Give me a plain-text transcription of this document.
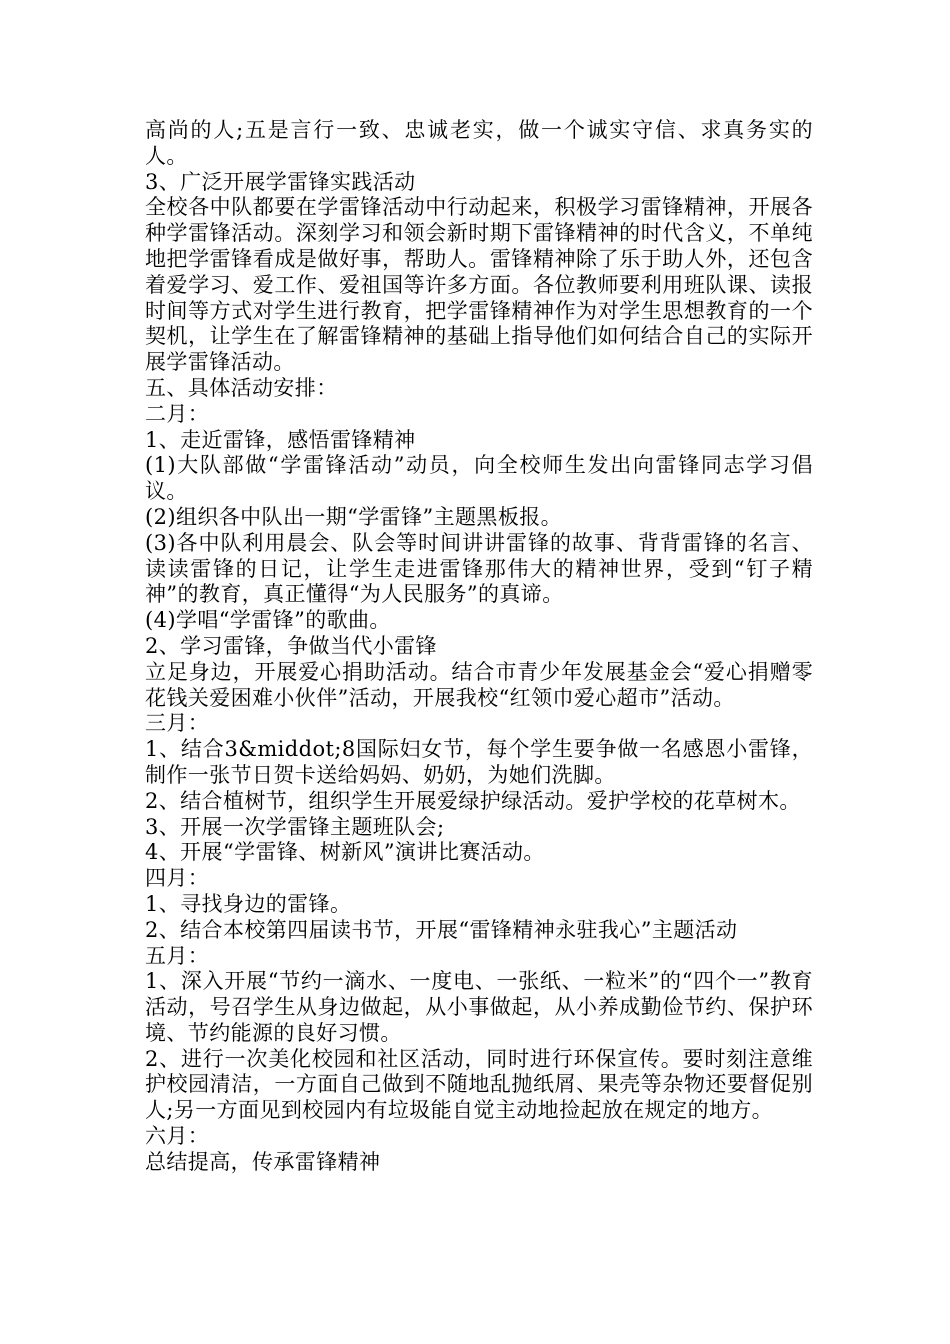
高尚的人;五是言行一致、忠诚老实，做一个诚实守信、求真务实的人。

3、广泛开展学雷锋实践活动

全校各中队都要在学雷锋活动中行动起来，积极学习雷锋精神，开展各种学雷锋活动。深刻学习和领会新时期下雷锋精神的时代含义，不单纯地把学雷锋看成是做好事，帮助人。雷锋精神除了乐于助人外，还包含着爱学习、爱工作、爱祖国等许多方面。各位教师要利用班队课、读报时间等方式对学生进行教育，把学雷锋精神作为对学生思想教育的一个契机，让学生在了解雷锋精神的基础上指导他们如何结合自己的实际开展学雷锋活动。

五、具体活动安排：

二月：

1、走近雷锋，感悟雷锋精神

(1)大队部做“学雷锋活动”动员，向全校师生发出向雷锋同志学习倡议。

(2)组织各中队出一期“学雷锋”主题黑板报。

(3)各中队利用晨会、队会等时间讲讲雷锋的故事、背背雷锋的名言、读读雷锋的日记，让学生走进雷锋那伟大的精神世界，受到“钉子精神”的教育，真正懂得“为人民服务”的真谛。

(4)学唱“学雷锋”的歌曲。

2、学习雷锋，争做当代小雷锋

立足身边，开展爱心捐助活动。结合市青少年发展基金会“爱心捐赠零花钱关爱困难小伙伴”活动，开展我校“红领巾爱心超市”活动。

三月：

1、结合3&middot;8国际妇女节，每个学生要争做一名感恩小雷锋，制作一张节日贺卡送给妈妈、奶奶，为她们洗脚。

2、结合植树节，组织学生开展爱绿护绿活动。爱护学校的花草树木。

3、开展一次学雷锋主题班队会;

4、开展“学雷锋、树新风”演讲比赛活动。

四月：

1、寻找身边的雷锋。

2、结合本校第四届读书节，开展“雷锋精神永驻我心”主题活动

五月：

1、深入开展“节约一滴水、一度电、一张纸、一粒米”的“四个一”教育活动，号召学生从身边做起，从小事做起，从小养成勤俭节约、保护环境、节约能源的良好习惯。

2、进行一次美化校园和社区活动，同时进行环保宣传。要时刻注意维护校园清洁，一方面自己做到不随地乱抛纸屑、果壳等杂物还要督促别人;另一方面见到校园内有垃圾能自觉主动地捡起放在规定的地方。

六月：

总结提高，传承雷锋精神
